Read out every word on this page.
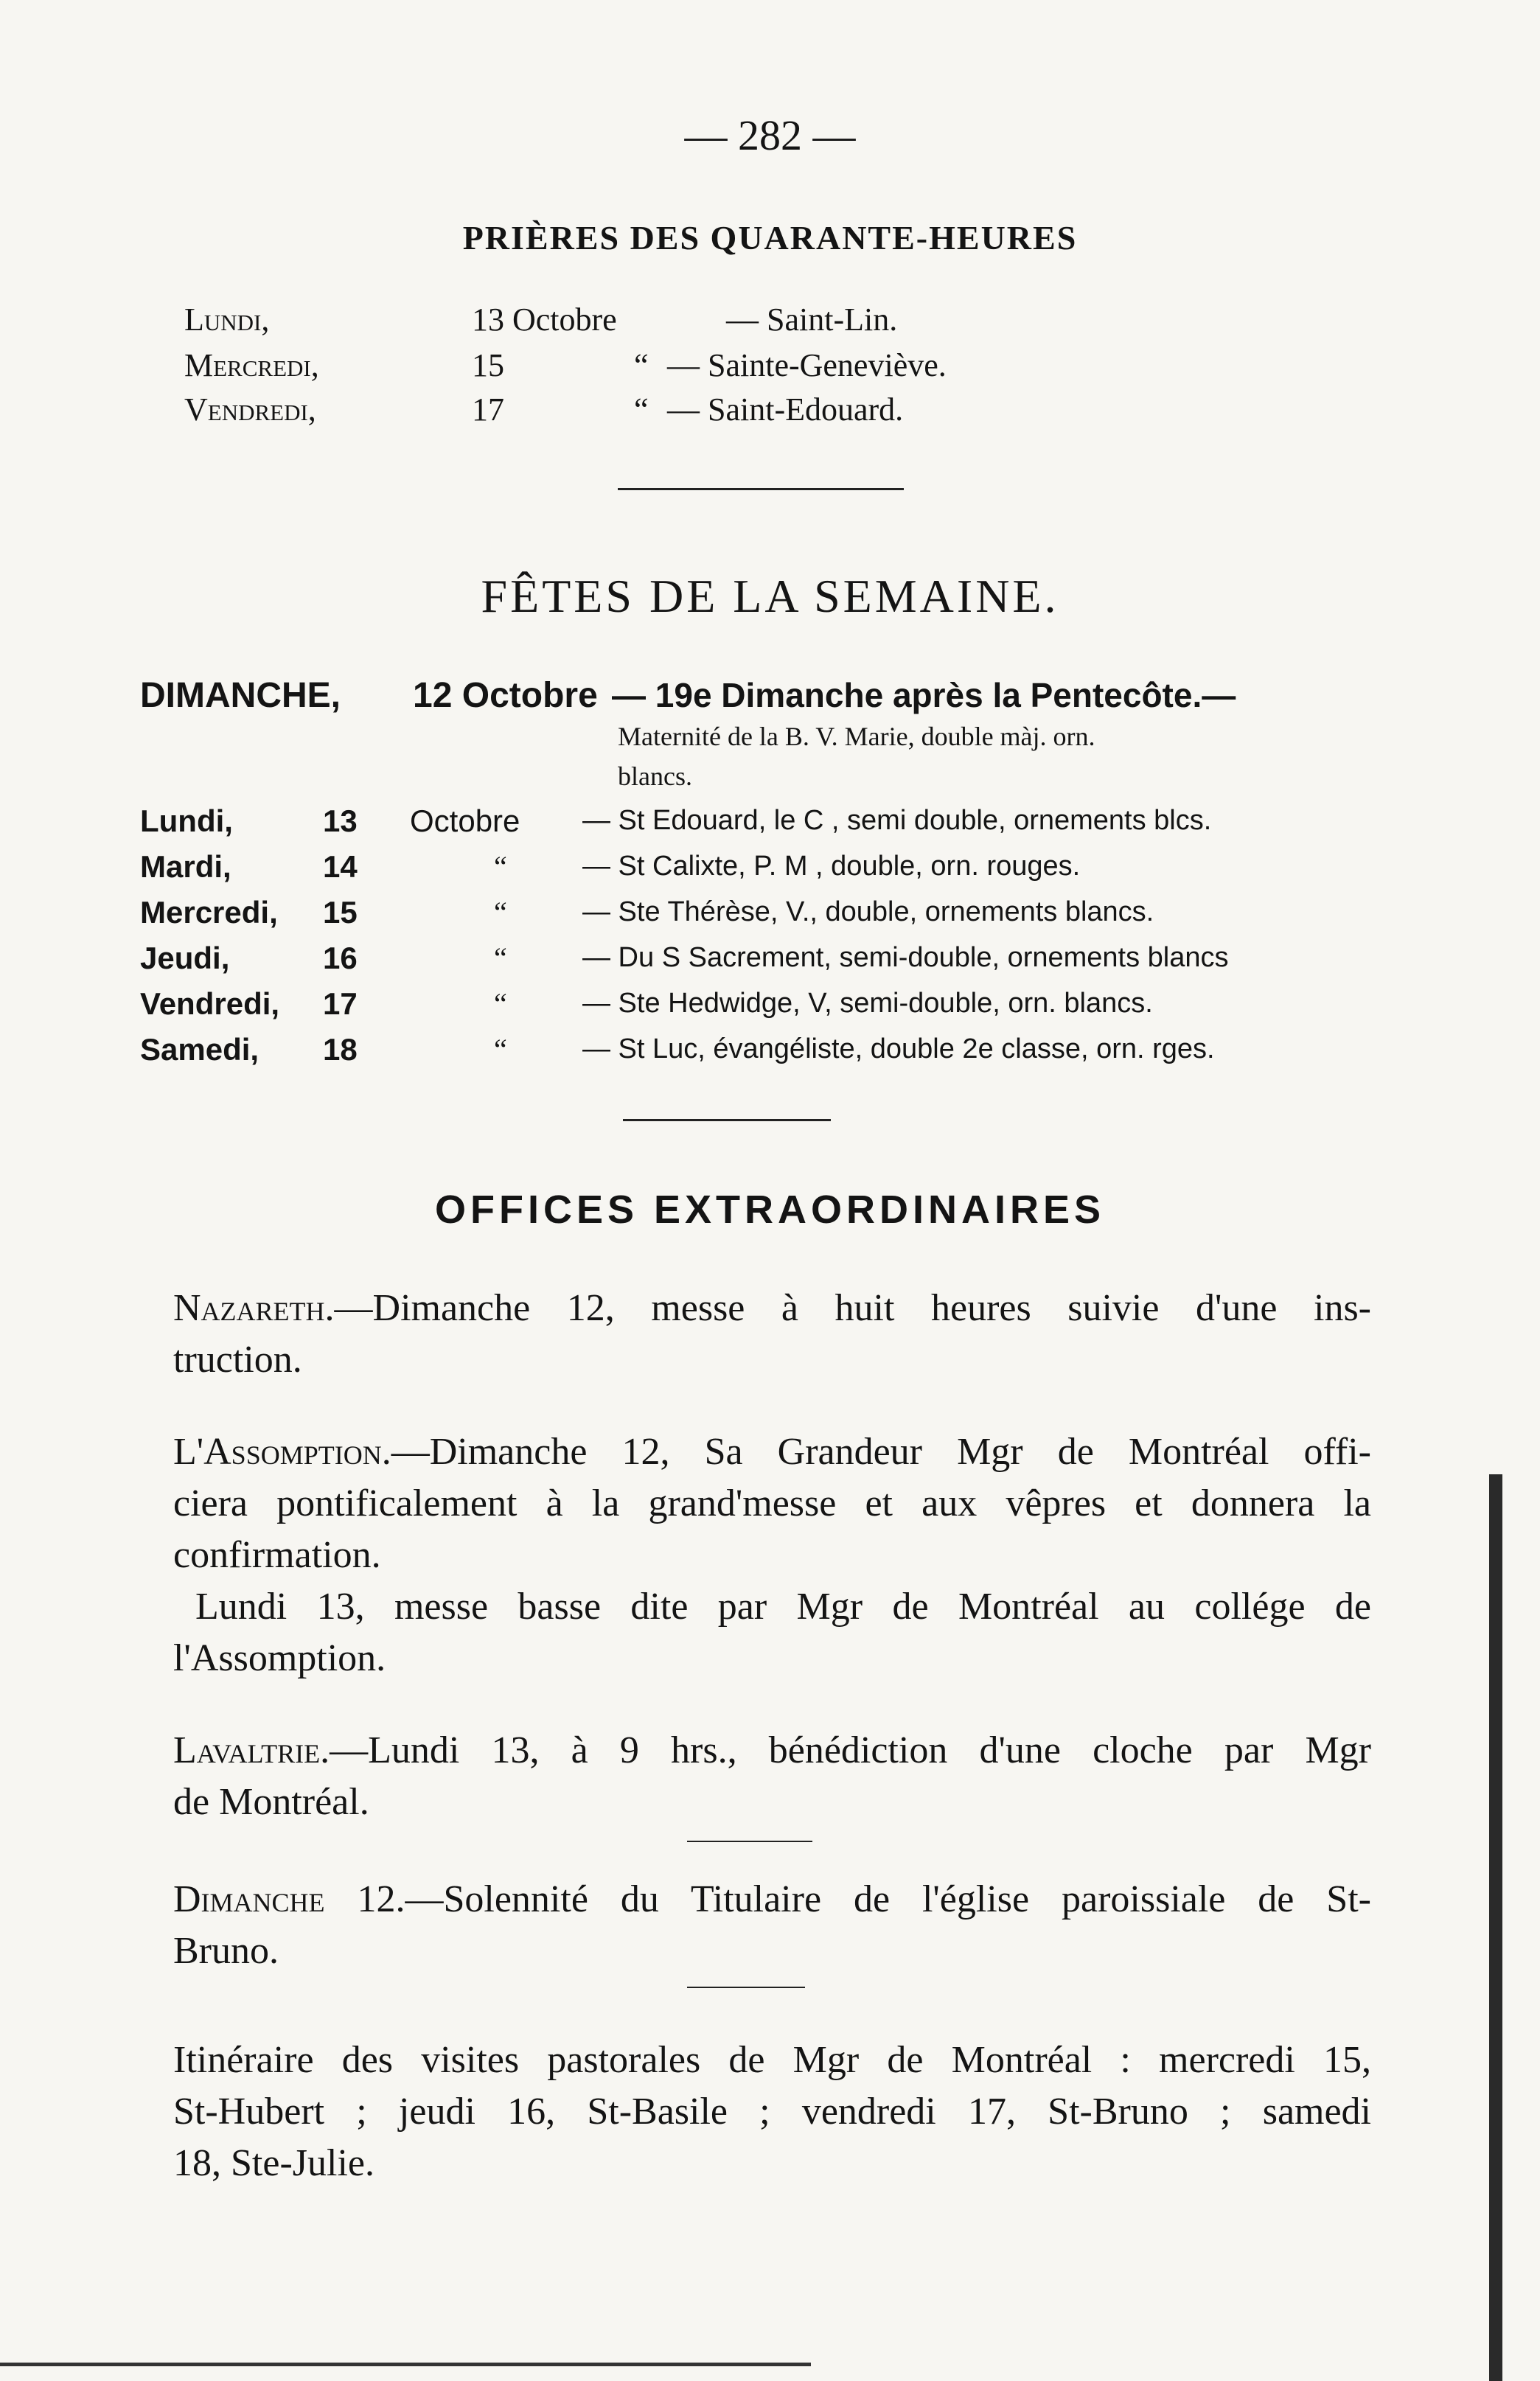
— 282 —
PRIÈRES DES QUARANTE-HEURES
Lundi,	13 Octobre	— Saint-Lin.
Mercredi,	15	“ — Sainte-Geneviève.
Vendredi,	17	“ — Saint-Edouard.
FÊTES DE LA SEMAINE.
DIMANCHE, 12 Octobre — 19e Dimanche après la Pentecôte.—
Maternité de la B. V. Marie, double màj. orn.
blancs.
Lundi,	13 Octobre — St Edouard, le C , semi double, ornements blcs.
Mardi,	14	“	— St Calixte, P. M , double, orn. rouges.
Mercredi, 15	“	— Ste Thérèse, V., double, ornements blancs.
Jeudi,	16	“	— Du S Sacrement, semi-double, ornements blancs
Vendredi, 17	“	— Ste Hedwidge, V, semi-double, orn. blancs.
Samedi, 18	“	— St Luc, évangéliste, double 2e classe, orn. rges.
OFFICES EXTRAORDINAIRES
Nazareth.—Dimanche 12, messe à huit heures suivie d'une ins-
truction.
L'Assomption.—Dimanche 12, Sa Grandeur Mgr de Montréal offi-
ciera pontificalement à la grand'messe et aux vêpres et donnera la
confirmation.
Lundi 13, messe basse dite par Mgr de Montréal au collége de
l'Assomption.
Lavaltrie.—Lundi 13, à 9 hrs., bénédiction d'une cloche par Mgr
de Montréal.
Dimanche 12.—Solennité du Titulaire de l'église paroissiale de St-
Bruno.
Itinéraire des visites pastorales de Mgr de Montréal : mercredi 15,
St-Hubert ; jeudi 16, St-Basile ; vendredi 17, St-Bruno ; samedi
18, Ste-Julie.
